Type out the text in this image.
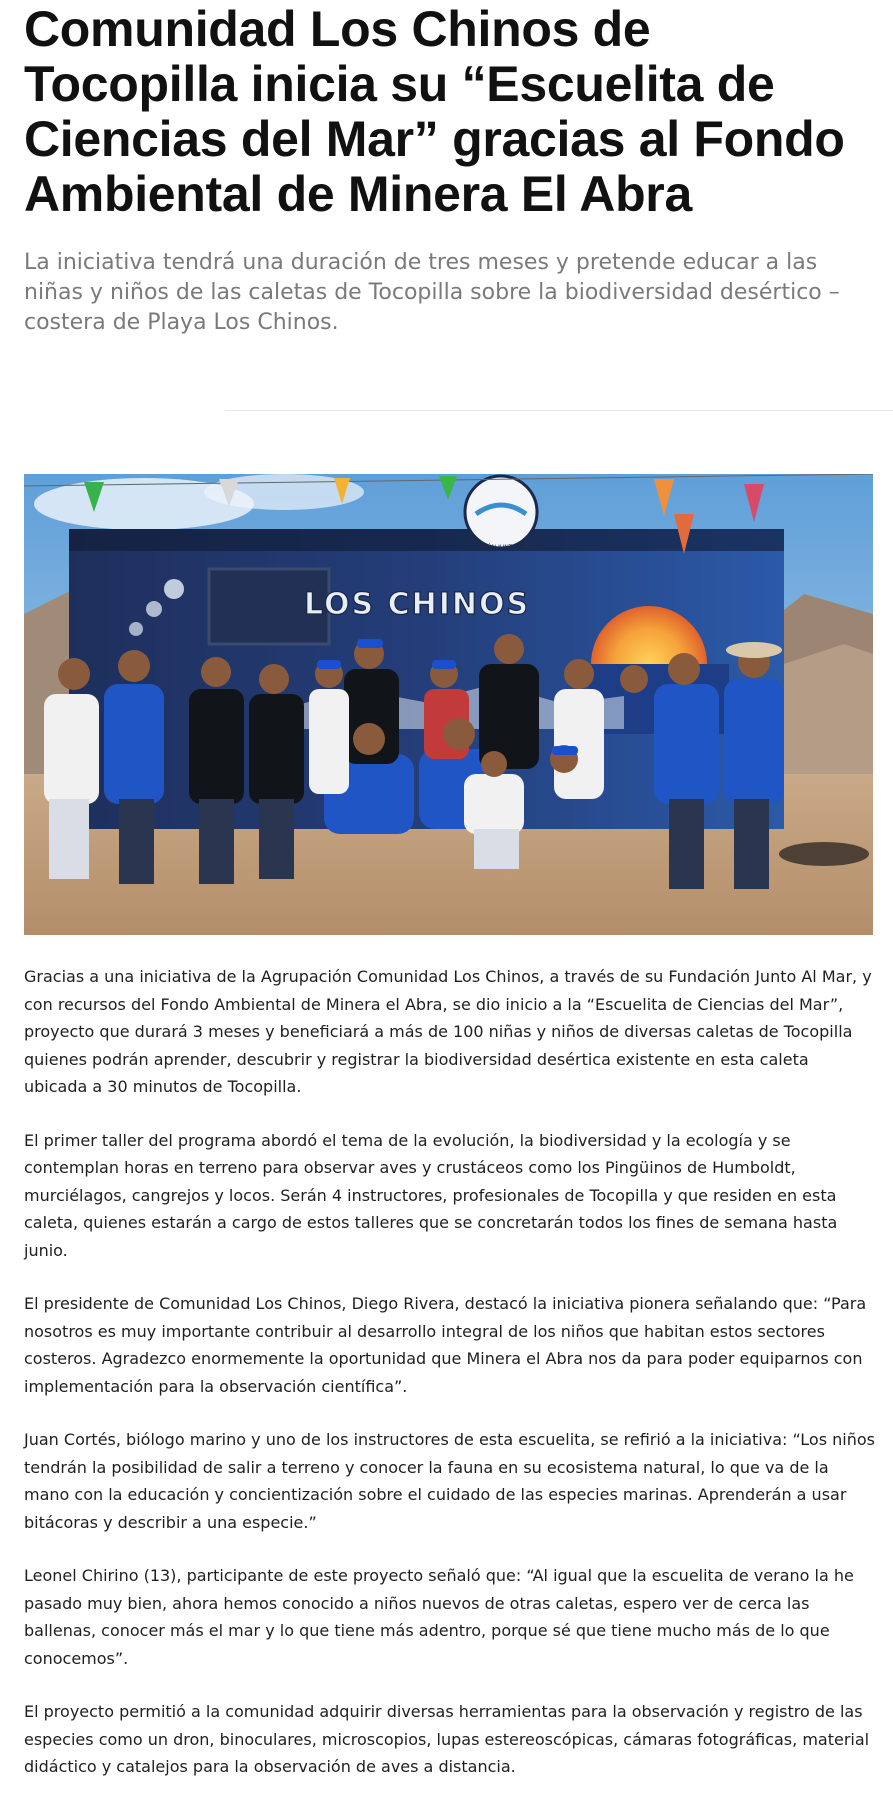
Comunidad Los Chinos de Tocopilla inicia su “Escuelita de Ciencias del Mar” gracias al Fondo Ambiental de Minera El Abra

La iniciativa tendrá una duración de tres meses y pretende educar a las niñas y niños de las caletas de Tocopilla sobre la biodiversidad desértico –costera de Playa Los Chinos.

LOS CHINOS
FUNDACIÓN JUNTO AL MAR

Gracias a una iniciativa de la Agrupación Comunidad Los Chinos, a través de su Fundación Junto Al Mar, y con recursos del Fondo Ambiental de Minera el Abra, se dio inicio a la “Escuelita de Ciencias del Mar”, proyecto que durará 3 meses y beneficiará a más de 100 niñas y niños de diversas caletas de Tocopilla quienes podrán aprender, descubrir y registrar la biodiversidad desértica existente en esta caleta ubicada a 30 minutos de Tocopilla.

El primer taller del programa abordó el tema de la evolución, la biodiversidad y la ecología y se contemplan horas en terreno para observar aves y crustáceos como los Pingüinos de Humboldt, murciélagos, cangrejos y locos. Serán 4 instructores, profesionales de Tocopilla y que residen en esta caleta, quienes estarán a cargo de estos talleres que se concretarán todos los fines de semana hasta junio.

El presidente de Comunidad Los Chinos, Diego Rivera, destacó la iniciativa pionera señalando que: “Para nosotros es muy importante contribuir al desarrollo integral de los niños que habitan estos sectores costeros. Agradezco enormemente la oportunidad que Minera el Abra nos da para poder equiparnos con implementación para la observación científica”.

Juan Cortés, biólogo marino y uno de los instructores de esta escuelita, se refirió a la iniciativa: “Los niños tendrán la posibilidad de salir a terreno y conocer la fauna en su ecosistema natural, lo que va de la mano con la educación y concientización sobre el cuidado de las especies marinas. Aprenderán a usar bitácoras y describir a una especie.”

Leonel Chirino (13), participante de este proyecto señaló que: “Al igual que la escuelita de verano la he pasado muy bien, ahora hemos conocido a niños nuevos de otras caletas, espero ver de cerca las ballenas, conocer más el mar y lo que tiene más adentro, porque sé que tiene mucho más de lo que conocemos”.

El proyecto permitió a la comunidad adquirir diversas herramientas para la observación y registro de las especies como un dron, binoculares, microscopios, lupas estereoscópicas, cámaras fotográficas, material didáctico y catalejos para la observación de aves a distancia.
